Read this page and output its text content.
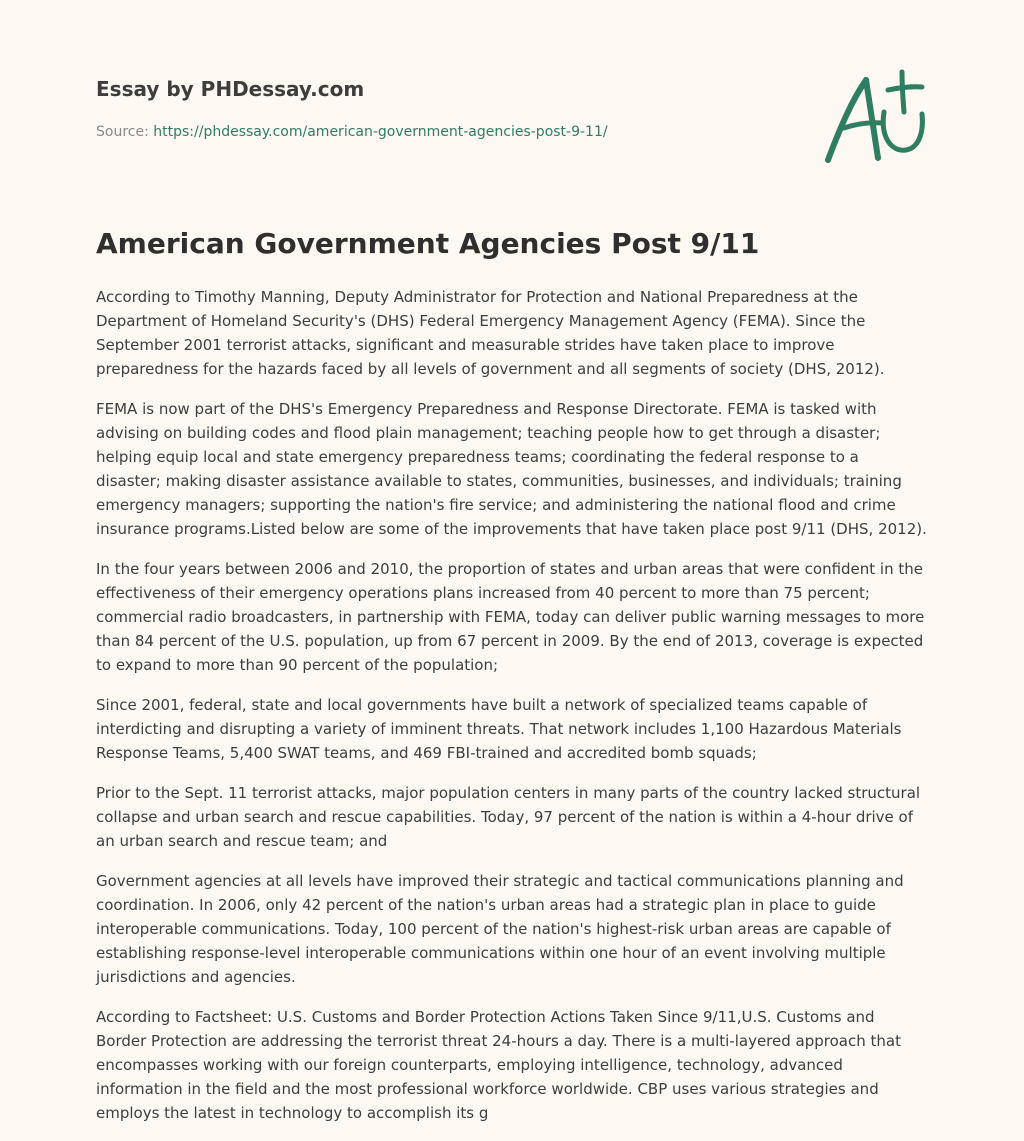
Essay by PHDessay.com
Source: https://phdessay.com/american-government-agencies-post-9-11/
American Government Agencies Post 9/11

According to Timothy Manning, Deputy Administrator for Protection and National Preparedness at the Department of Homeland Security's (DHS) Federal Emergency Management Agency (FEMA). Since the September 2001 terrorist attacks, significant and measurable strides have taken place to improve preparedness for the hazards faced by all levels of government and all segments of society (DHS, 2012).

FEMA is now part of the DHS's Emergency Preparedness and Response Directorate. FEMA is tasked with advising on building codes and flood plain management; teaching people how to get through a disaster; helping equip local and state emergency preparedness teams; coordinating the federal response to a disaster; making disaster assistance available to states, communities, businesses, and individuals; training emergency managers; supporting the nation's fire service; and administering the national flood and crime insurance programs.Listed below are some of the improvements that have taken place post 9/11 (DHS, 2012).

In the four years between 2006 and 2010, the proportion of states and urban areas that were confident in the effectiveness of their emergency operations plans increased from 40 percent to more than 75 percent; commercial radio broadcasters, in partnership with FEMA, today can deliver public warning messages to more than 84 percent of the U.S. population, up from 67 percent in 2009. By the end of 2013, coverage is expected to expand to more than 90 percent of the population;

Since 2001, federal, state and local governments have built a network of specialized teams capable of interdicting and disrupting a variety of imminent threats. That network includes 1,100 Hazardous Materials Response Teams, 5,400 SWAT teams, and 469 FBI-trained and accredited bomb squads;

Prior to the Sept. 11 terrorist attacks, major population centers in many parts of the country lacked structural collapse and urban search and rescue capabilities. Today, 97 percent of the nation is within a 4-hour drive of an urban search and rescue team; and

Government agencies at all levels have improved their strategic and tactical communications planning and coordination. In 2006, only 42 percent of the nation's urban areas had a strategic plan in place to guide interoperable communications. Today, 100 percent of the nation's highest-risk urban areas are capable of establishing response-level interoperable communications within one hour of an event involving multiple jurisdictions and agencies.

According to Factsheet: U.S. Customs and Border Protection Actions Taken Since 9/11,U.S. Customs and Border Protection are addressing the terrorist threat 24-hours a day. There is a multi-layered approach that encompasses working with our foreign counterparts, employing intelligence, technology, advanced information in the field and the most professional workforce worldwide. CBP uses various strategies and employs the latest in technology to accomplish its g
